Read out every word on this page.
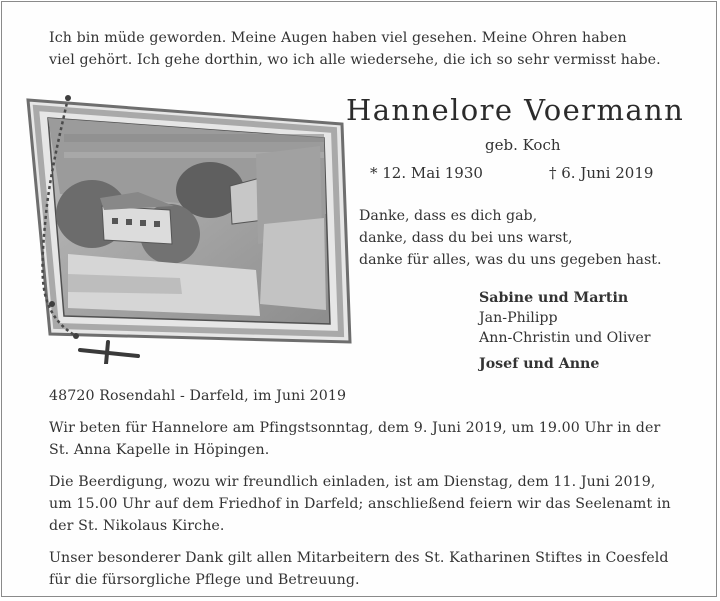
Ich bin müde geworden. Meine Augen haben viel gesehen. Meine Ohren haben
viel gehört. Ich gehe dorthin, wo ich alle wiedersehe, die ich so sehr vermisst habe.
Hannelore Voermann
geb. Koch
* 12. Mai 1930	† 6. Juni 2019
Danke, dass es dich gab,
danke, dass du bei uns warst,
danke für alles, was du uns gegeben hast.
Sabine und Martin
Jan-Philipp
Ann-Christin und Oliver
Josef und Anne
48720 Rosendahl - Darfeld, im Juni 2019
Wir beten für Hannelore am Pfingstsonntag, dem 9. Juni 2019, um 19.00 Uhr in der
St. Anna Kapelle in Höpingen.
Die Beerdigung, wozu wir freundlich einladen, ist am Dienstag, dem 11. Juni 2019,
um 15.00 Uhr auf dem Friedhof in Darfeld; anschließend feiern wir das Seelenamt in
der St. Nikolaus Kirche.
Unser besonderer Dank gilt allen Mitarbeitern des St. Katharinen Stiftes in Coesfeld
für die fürsorgliche Pflege und Betreuung.
